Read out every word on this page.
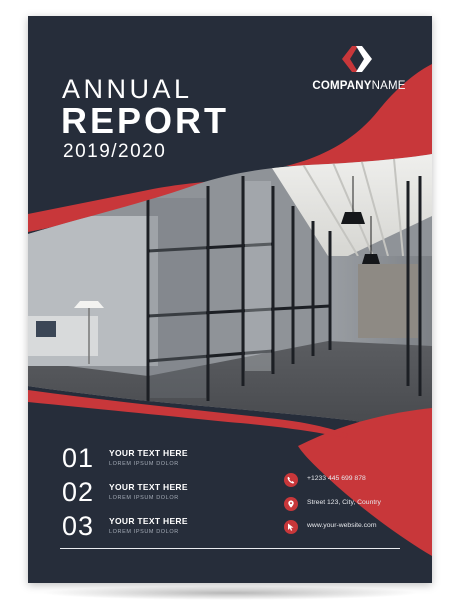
COMPANYNAME
ANNUAL
REPORT
2019/2020
01 YOUR TEXT HERE
LOREM IPSUM DOLOR
02 YOUR TEXT HERE
LOREM IPSUM DOLOR
03 YOUR TEXT HERE
LOREM IPSUM DOLOR
+1233 445 699 878
Street 123, City, Country
www.your-website.com
